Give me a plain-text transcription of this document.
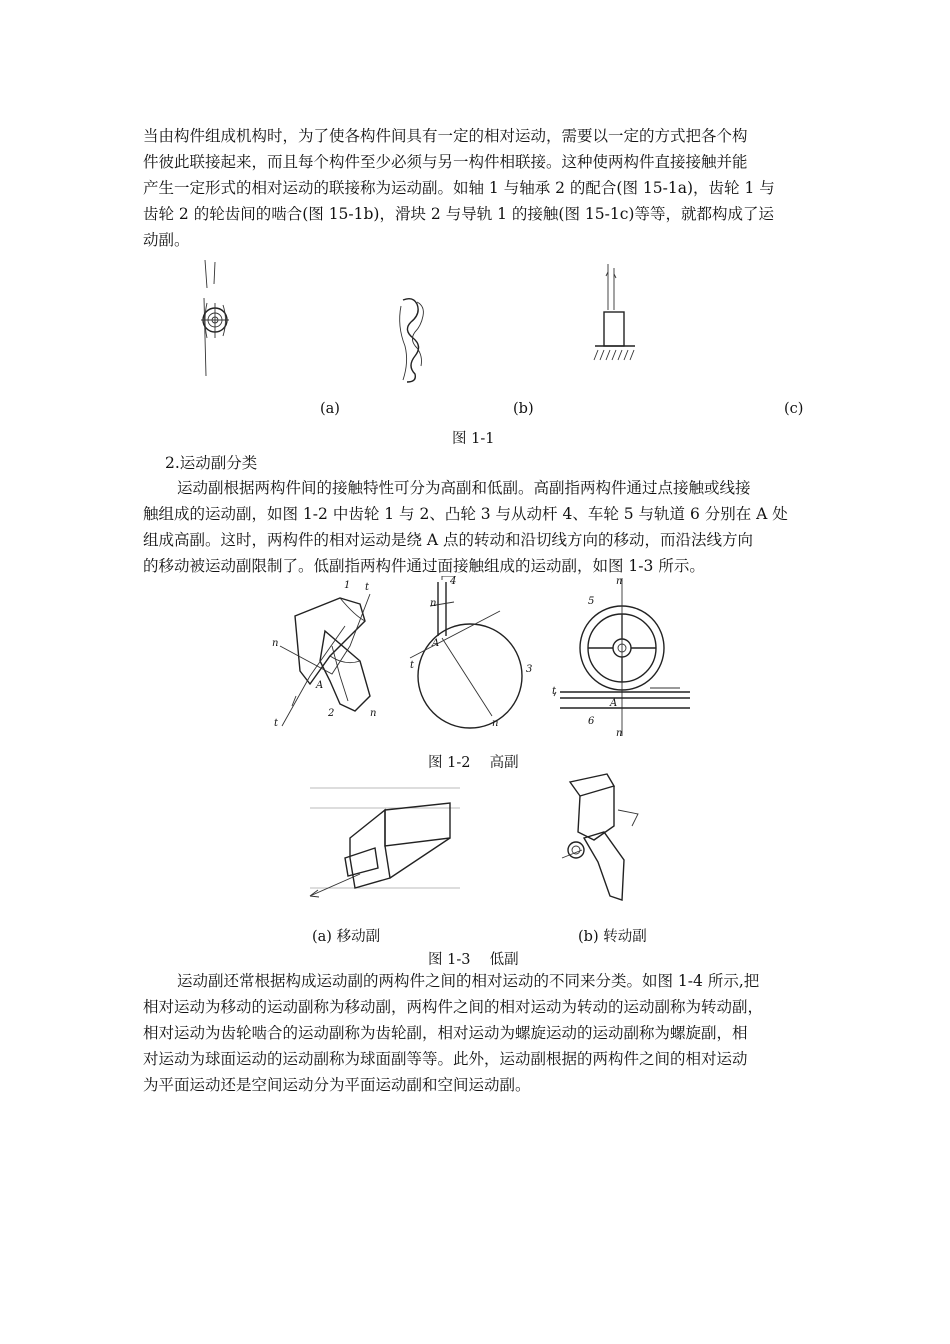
当由构件组成机构时，为了使各构件间具有一定的相对运动，需要以一定的方式把各个构
件彼此联接起来，而且每个构件至少必须与另一构件相联接。这种使两构件直接接触并能
产生一定形式的相对运动的联接称为运动副。如轴 1 与轴承 2 的配合(图 15-1a)，齿轮 1 与
齿轮 2 的轮齿间的啮合(图 15-1b)，滑块 2 与导轨 1 的接触(图 15-1c)等等，就都构成了运
动副。

(a)	(b)	(c)
图 1-1
2.运动副分类

运动副根据两构件间的接触特性可分为高副和低副。高副指两构件通过点接触或线接
触组成的运动副，如图 1-2 中齿轮 1 与 2、凸轮 3 与从动杆 4、车轮 5 与轨道 6 分别在 A 处
组成高副。这时，两构件的相对运动是绕 A 点的转动和沿切线方向的移动，而沿法线方向
的移动被运动副限制了。低副指两构件通过面接触组成的运动副，如图 1-3 所示。

n
t
t
n
A
1
2
4
A
t
n
n
3
A
5
6
n
n
t
图 1-2　 高副
(a) 移动副	(b) 转动副
图 1-3　 低副

运动副还常根据构成运动副的两构件之间的相对运动的不同来分类。如图 1-4 所示,把
相对运动为移动的运动副称为移动副，两构件之间的相对运动为转动的运动副称为转动副，
相对运动为齿轮啮合的运动副称为齿轮副，相对运动为螺旋运动的运动副称为螺旋副，相
对运动为球面运动的运动副称为球面副等等。此外，运动副根据的两构件之间的相对运动
为平面运动还是空间运动分为平面运动副和空间运动副。
